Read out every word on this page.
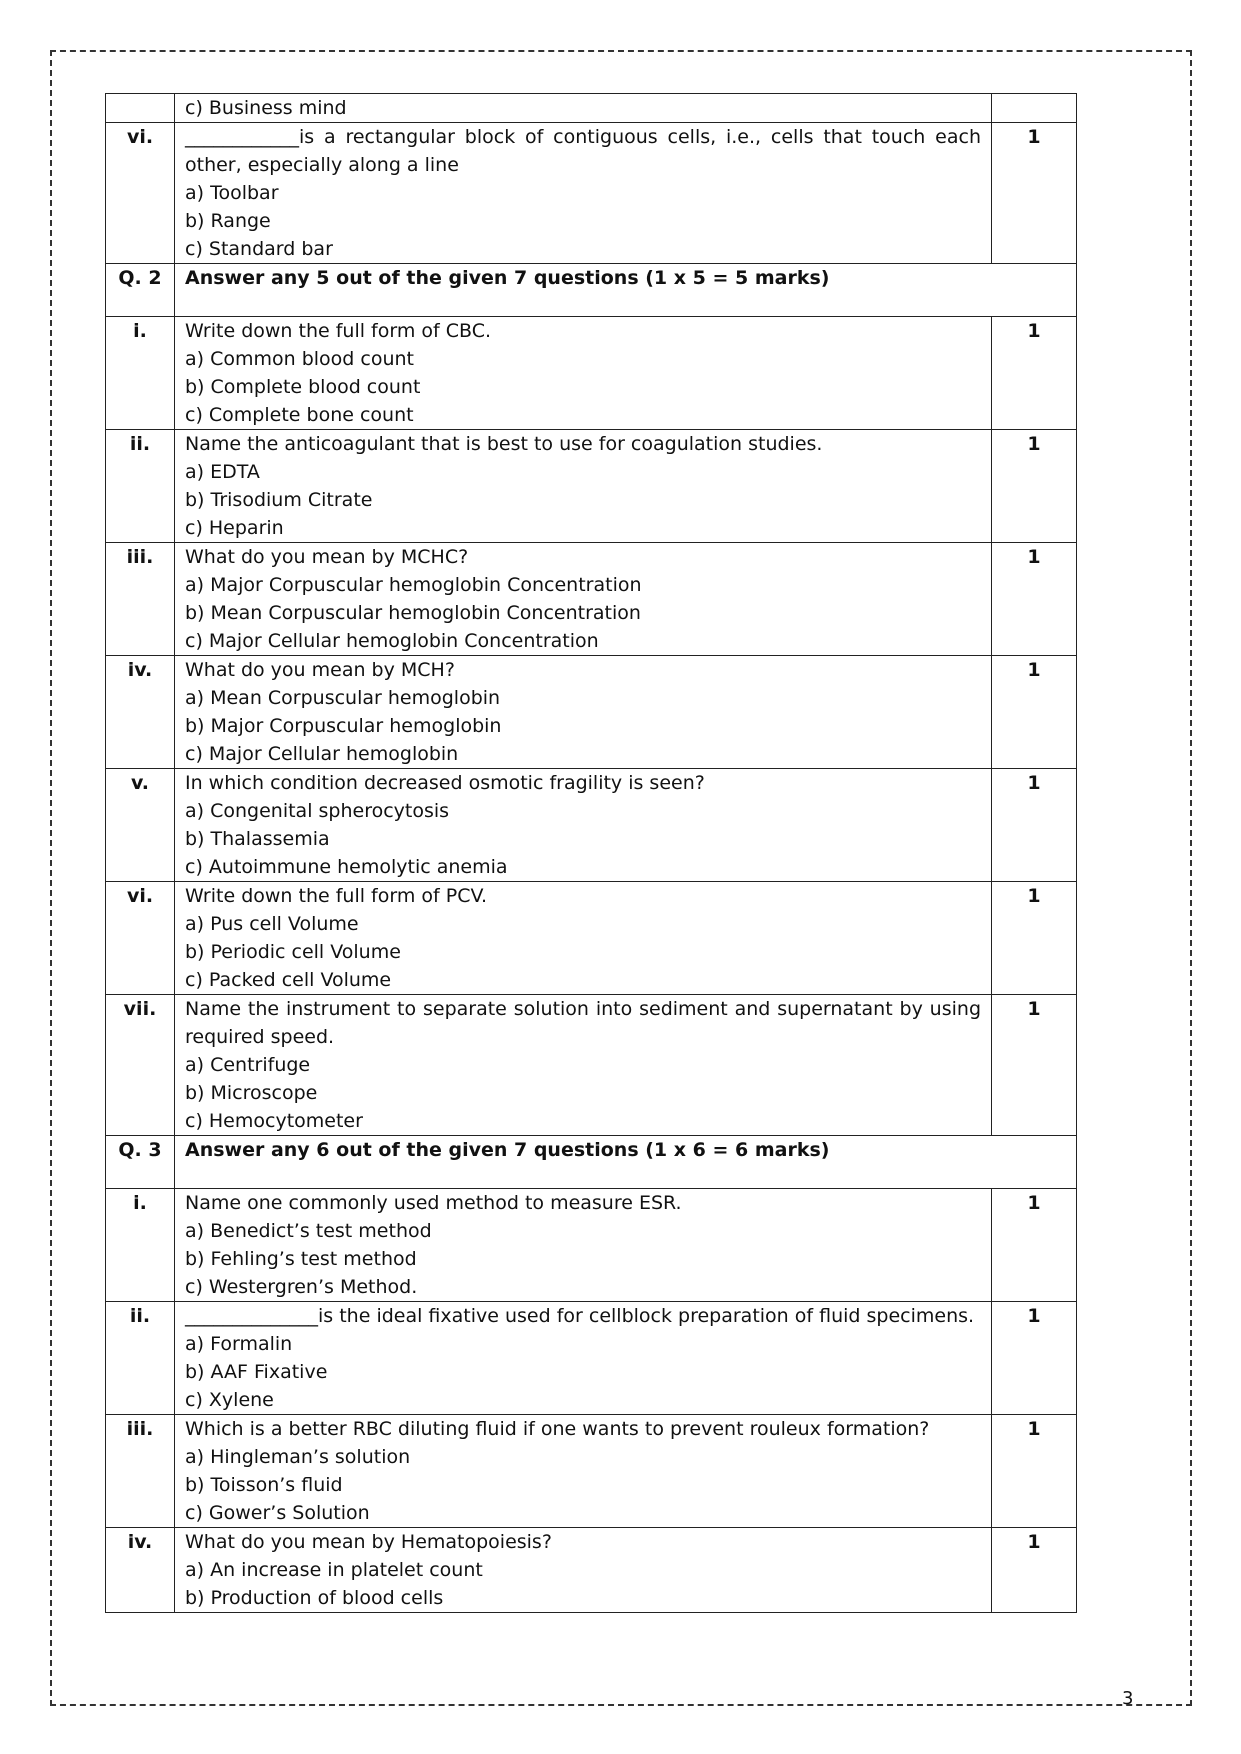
	c) Business mind	

vi.	____________is a rectangular block of contiguous cells, i.e., cells that touch each other, especially along a line
a) Toolbar
b) Range
c) Standard bar	1
Q. 2	Answer any 5 out of the given 7 questions (1 x 5 = 5 marks)	
i.	Write down the full form of CBC.
a) Common blood count
b) Complete blood count
c) Complete bone count	1
ii.	Name the anticoagulant that is best to use for coagulation studies.
a) EDTA
b) Trisodium Citrate
c) Heparin	1
iii.	What do you mean by MCHC?
a) Major Corpuscular hemoglobin Concentration
b) Mean Corpuscular hemoglobin Concentration
c) Major Cellular hemoglobin Concentration	1
iv.	What do you mean by MCH?
a) Mean Corpuscular hemoglobin
b) Major Corpuscular hemoglobin
c) Major Cellular hemoglobin	1
v.	In which condition decreased osmotic fragility is seen?
a) Congenital spherocytosis
b) Thalassemia
c) Autoimmune hemolytic anemia	1
vi.	Write down the full form of PCV.
a) Pus cell Volume
b) Periodic cell Volume
c) Packed cell Volume	1
vii.	Name the instrument to separate solution into sediment and supernatant by using required speed.
a) Centrifuge
b) Microscope
c) Hemocytometer	1
Q. 3	Answer any 6 out of the given 7 questions (1 x 6 = 6 marks)	
i.	Name one commonly used method to measure ESR.
a) Benedict’s test method
b) Fehling’s test method
c) Westergren’s Method.	1
ii.	______________is the ideal fixative used for cellblock preparation of fluid specimens.
a) Formalin
b) AAF Fixative
c) Xylene	1
iii.	Which is a better RBC diluting fluid if one wants to prevent rouleux formation?
a) Hingleman’s solution
b) Toisson’s fluid
c) Gower’s Solution	1
iv.	What do you mean by Hematopoiesis?
a) An increase in platelet count
b) Production of blood cells	1
3
